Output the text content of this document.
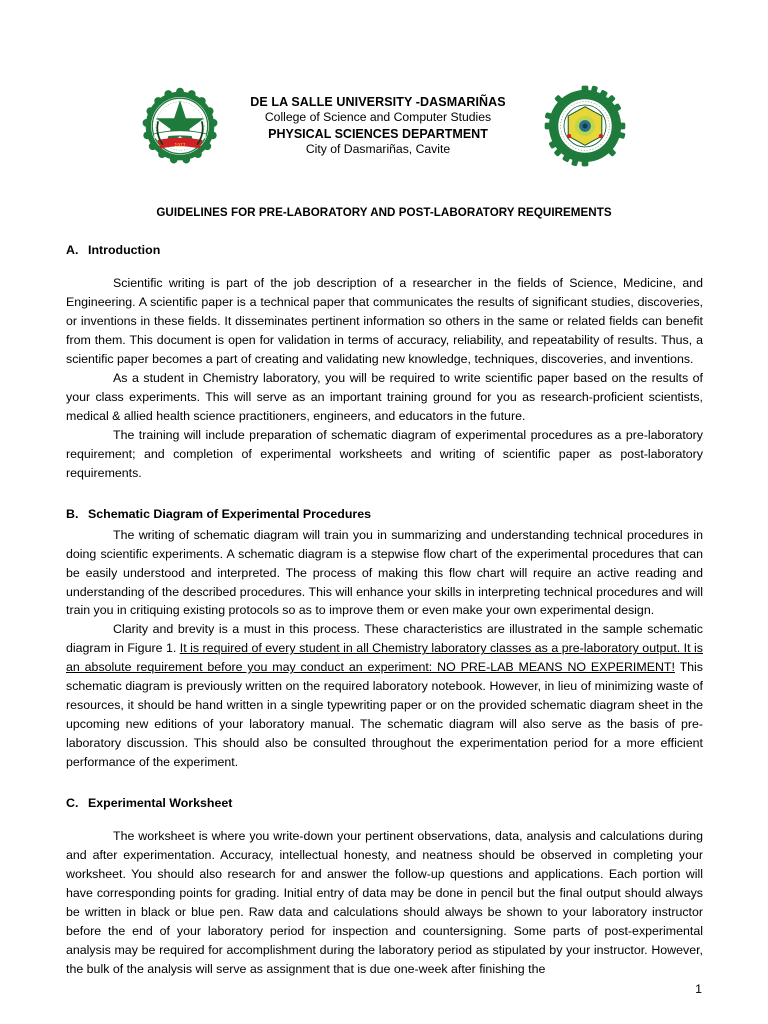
1977
DE LA SALLE UNIVERSITY -DASMARIÑAS
College of Science and Computer Studies
PHYSICAL SCIENCES DEPARTMENT
City of Dasmariñas, Cavite
GUIDELINES FOR PRE-LABORATORY AND POST-LABORATORY REQUIREMENTS
A. Introduction

Scientific writing is part of the job description of a researcher in the fields of Science, Medicine, and Engineering. A scientific paper is a technical paper that communicates the results of significant studies, discoveries, or inventions in these fields. It disseminates pertinent information so others in the same or related fields can benefit from them. This document is open for validation in terms of accuracy, reliability, and repeatability of results. Thus, a scientific paper becomes a part of creating and validating new knowledge, techniques, discoveries, and inventions.

As a student in Chemistry laboratory, you will be required to write scientific paper based on the results of your class experiments. This will serve as an important training ground for you as research-proficient scientists, medical & allied health science practitioners, engineers, and educators in the future.

The training will include preparation of schematic diagram of experimental procedures as a pre-laboratory requirement; and completion of experimental worksheets and writing of scientific paper as post-laboratory requirements.

B. Schematic Diagram of Experimental Procedures

The writing of schematic diagram will train you in summarizing and understanding technical procedures in doing scientific experiments. A schematic diagram is a stepwise flow chart of the experimental procedures that can be easily understood and interpreted. The process of making this flow chart will require an active reading and understanding of the described procedures. This will enhance your skills in interpreting technical procedures and will train you in critiquing existing protocols so as to improve them or even make your own experimental design.

Clarity and brevity is a must in this process. These characteristics are illustrated in the sample schematic diagram in Figure 1. It is required of every student in all Chemistry laboratory classes as a pre-laboratory output. It is an absolute requirement before you may conduct an experiment: NO PRE-LAB MEANS NO EXPERIMENT! This schematic diagram is previously written on the required laboratory notebook. However, in lieu of minimizing waste of resources, it should be hand written in a single typewriting paper or on the provided schematic diagram sheet in the upcoming new editions of your laboratory manual. The schematic diagram will also serve as the basis of pre-laboratory discussion. This should also be consulted throughout the experimentation period for a more efficient performance of the experiment.

C. Experimental Worksheet

The worksheet is where you write-down your pertinent observations, data, analysis and calculations during and after experimentation. Accuracy, intellectual honesty, and neatness should be observed in completing your worksheet. You should also research for and answer the follow-up questions and applications. Each portion will have corresponding points for grading. Initial entry of data may be done in pencil but the final output should always be written in black or blue pen. Raw data and calculations should always be shown to your laboratory instructor before the end of your laboratory period for inspection and countersigning. Some parts of post-experimental analysis may be required for accomplishment during the laboratory period as stipulated by your instructor. However, the bulk of the analysis will serve as assignment that is due one-week after finishing the

1
